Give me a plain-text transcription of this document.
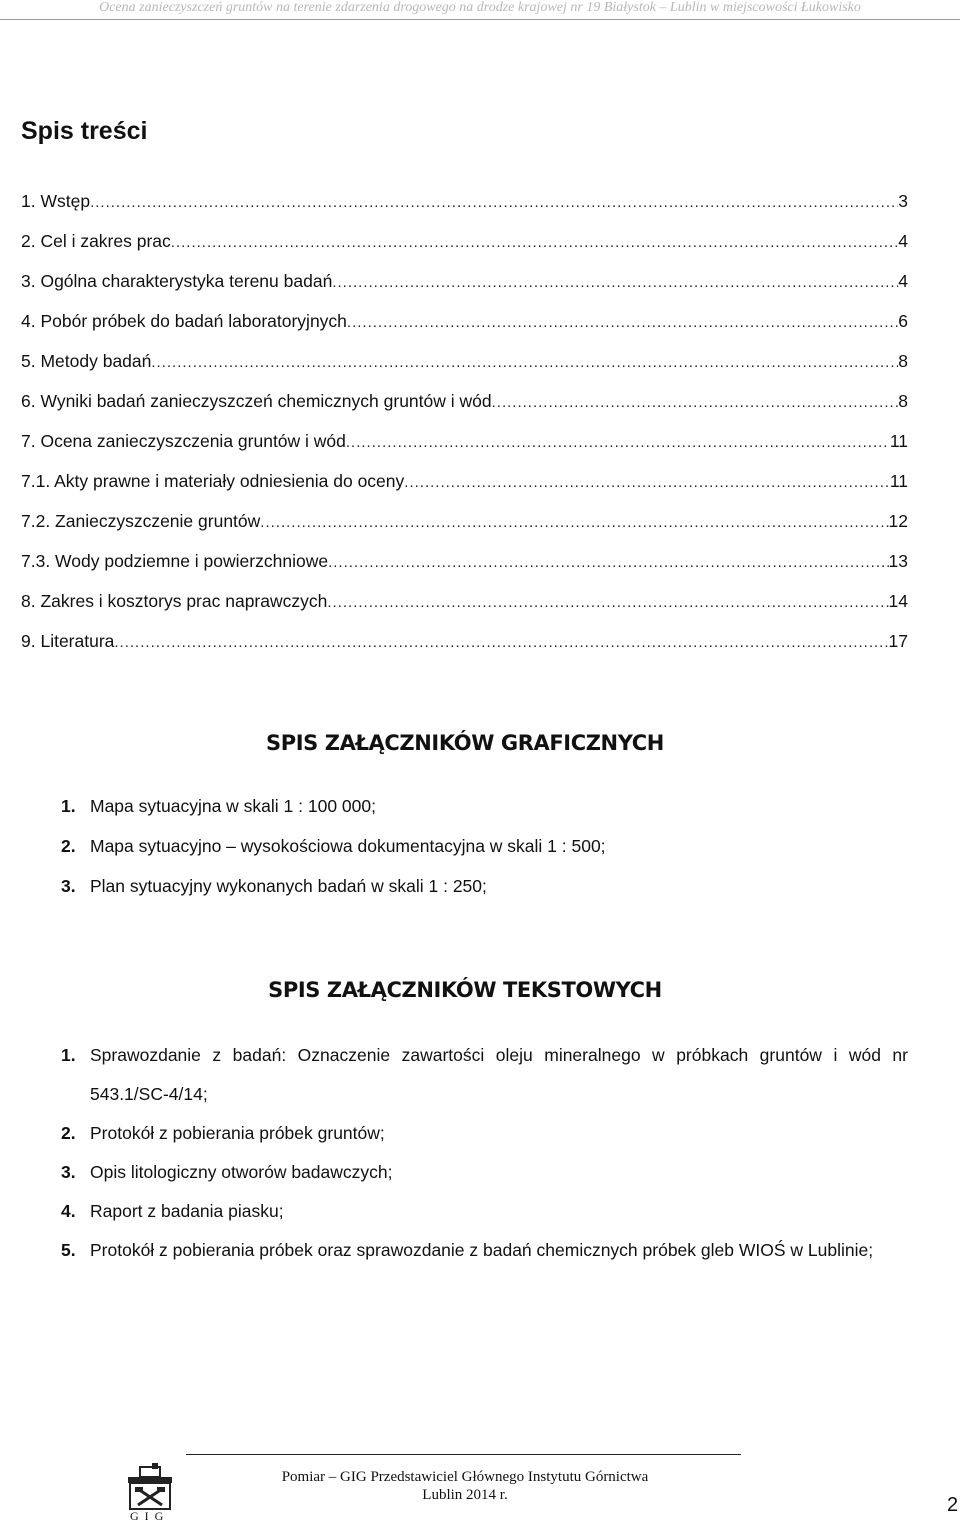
Ocena zanieczyszczeń gruntów na terenie zdarzenia drogowego na drodze krajowej nr 19 Białystok – Lublin w miejscowości Łukowisko
Spis treści
1. Wstęp .....	3
2. Cel i zakres prac .....	4
3. Ogólna charakterystyka terenu badań .....	4
4. Pobór próbek do badań laboratoryjnych .....	6
5. Metody badań .....	8
6. Wyniki badań zanieczyszczeń chemicznych gruntów i wód .....	8
7. Ocena zanieczyszczenia gruntów i wód .....	11
7.1. Akty prawne i materiały odniesienia do oceny .....	11
7.2. Zanieczyszczenie gruntów .....	12
7.3. Wody podziemne i powierzchniowe .....	13
8. Zakres i kosztorys prac naprawczych .....	14
9. Literatura .....	17
SPIS ZAŁĄCZNIKÓW GRAFICZNYCH
1. Mapa sytuacyjna w skali 1 : 100 000;
2. Mapa sytuacyjno – wysokościowa dokumentacyjna w skali 1 : 500;
3. Plan sytuacyjny wykonanych badań w skali 1 : 250;
SPIS ZAŁĄCZNIKÓW TEKSTOWYCH
1. Sprawozdanie z badań: Oznaczenie zawartości oleju mineralnego w próbkach gruntów i wód nr 543.1/SC-4/14;
2. Protokół z pobierania próbek gruntów;
3. Opis litologiczny otworów badawczych;
4. Raport z badania piasku;
5. Protokół z pobierania próbek oraz sprawozdanie z badań chemicznych próbek gleb WIOŚ w Lublinie;
GIG
Pomiar – GIG Przedstawiciel Głównego Instytutu Górnictwa
Lublin 2014 r.	2
